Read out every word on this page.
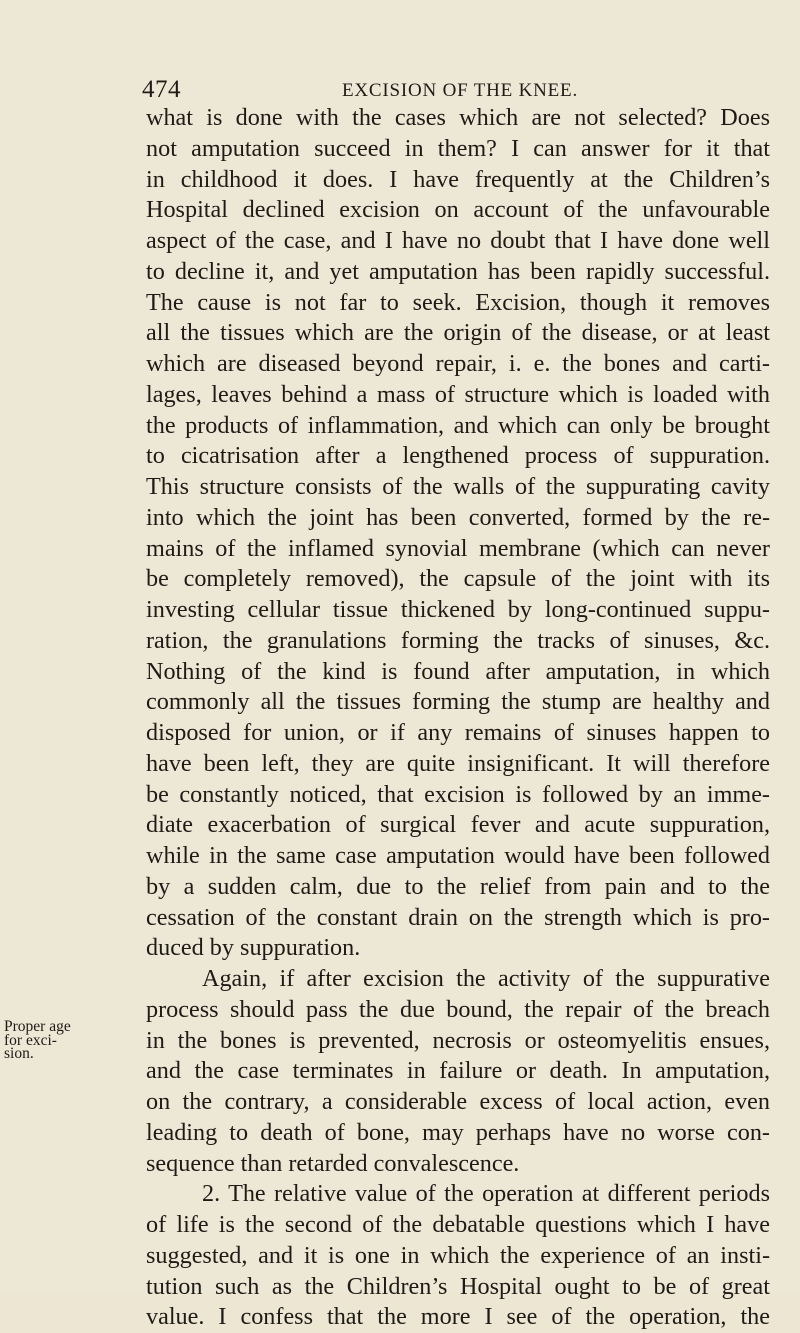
474	EXCISION OF THE KNEE.
Proper age
for exci-
sion.
what is done with the cases which are not selected? Does
not amputation succeed in them? I can answer for it that
in childhood it does. I have frequently at the Children’s
Hospital declined excision on account of the unfavourable
aspect of the case, and I have no doubt that I have done well
to decline it, and yet amputation has been rapidly successful.
The cause is not far to seek. Excision, though it removes
all the tissues which are the origin of the disease, or at least
which are diseased beyond repair, i. e. the bones and carti-
lages, leaves behind a mass of structure which is loaded with
the products of inflammation, and which can only be brought
to cicatrisation after a lengthened process of suppuration.
This structure consists of the walls of the suppurating cavity
into which the joint has been converted, formed by the re-
mains of the inflamed synovial membrane (which can never
be completely removed), the capsule of the joint with its
investing cellular tissue thickened by long-continued suppu-
ration, the granulations forming the tracks of sinuses, &c.
Nothing of the kind is found after amputation, in which
commonly all the tissues forming the stump are healthy and
disposed for union, or if any remains of sinuses happen to
have been left, they are quite insignificant. It will therefore
be constantly noticed, that excision is followed by an imme-
diate exacerbation of surgical fever and acute suppuration,
while in the same case amputation would have been followed
by a sudden calm, due to the relief from pain and to the
cessation of the constant drain on the strength which is pro-
duced by suppuration.
Again, if after excision the activity of the suppurative
process should pass the due bound, the repair of the breach
in the bones is prevented, necrosis or osteomyelitis ensues,
and the case terminates in failure or death. In amputation,
on the contrary, a considerable excess of local action, even
leading to death of bone, may perhaps have no worse con-
sequence than retarded convalescence.
2. The relative value of the operation at different periods
of life is the second of the debatable questions which I have
suggested, and it is one in which the experience of an insti-
tution such as the Children’s Hospital ought to be of great
value. I confess that the more I see of the operation, the
